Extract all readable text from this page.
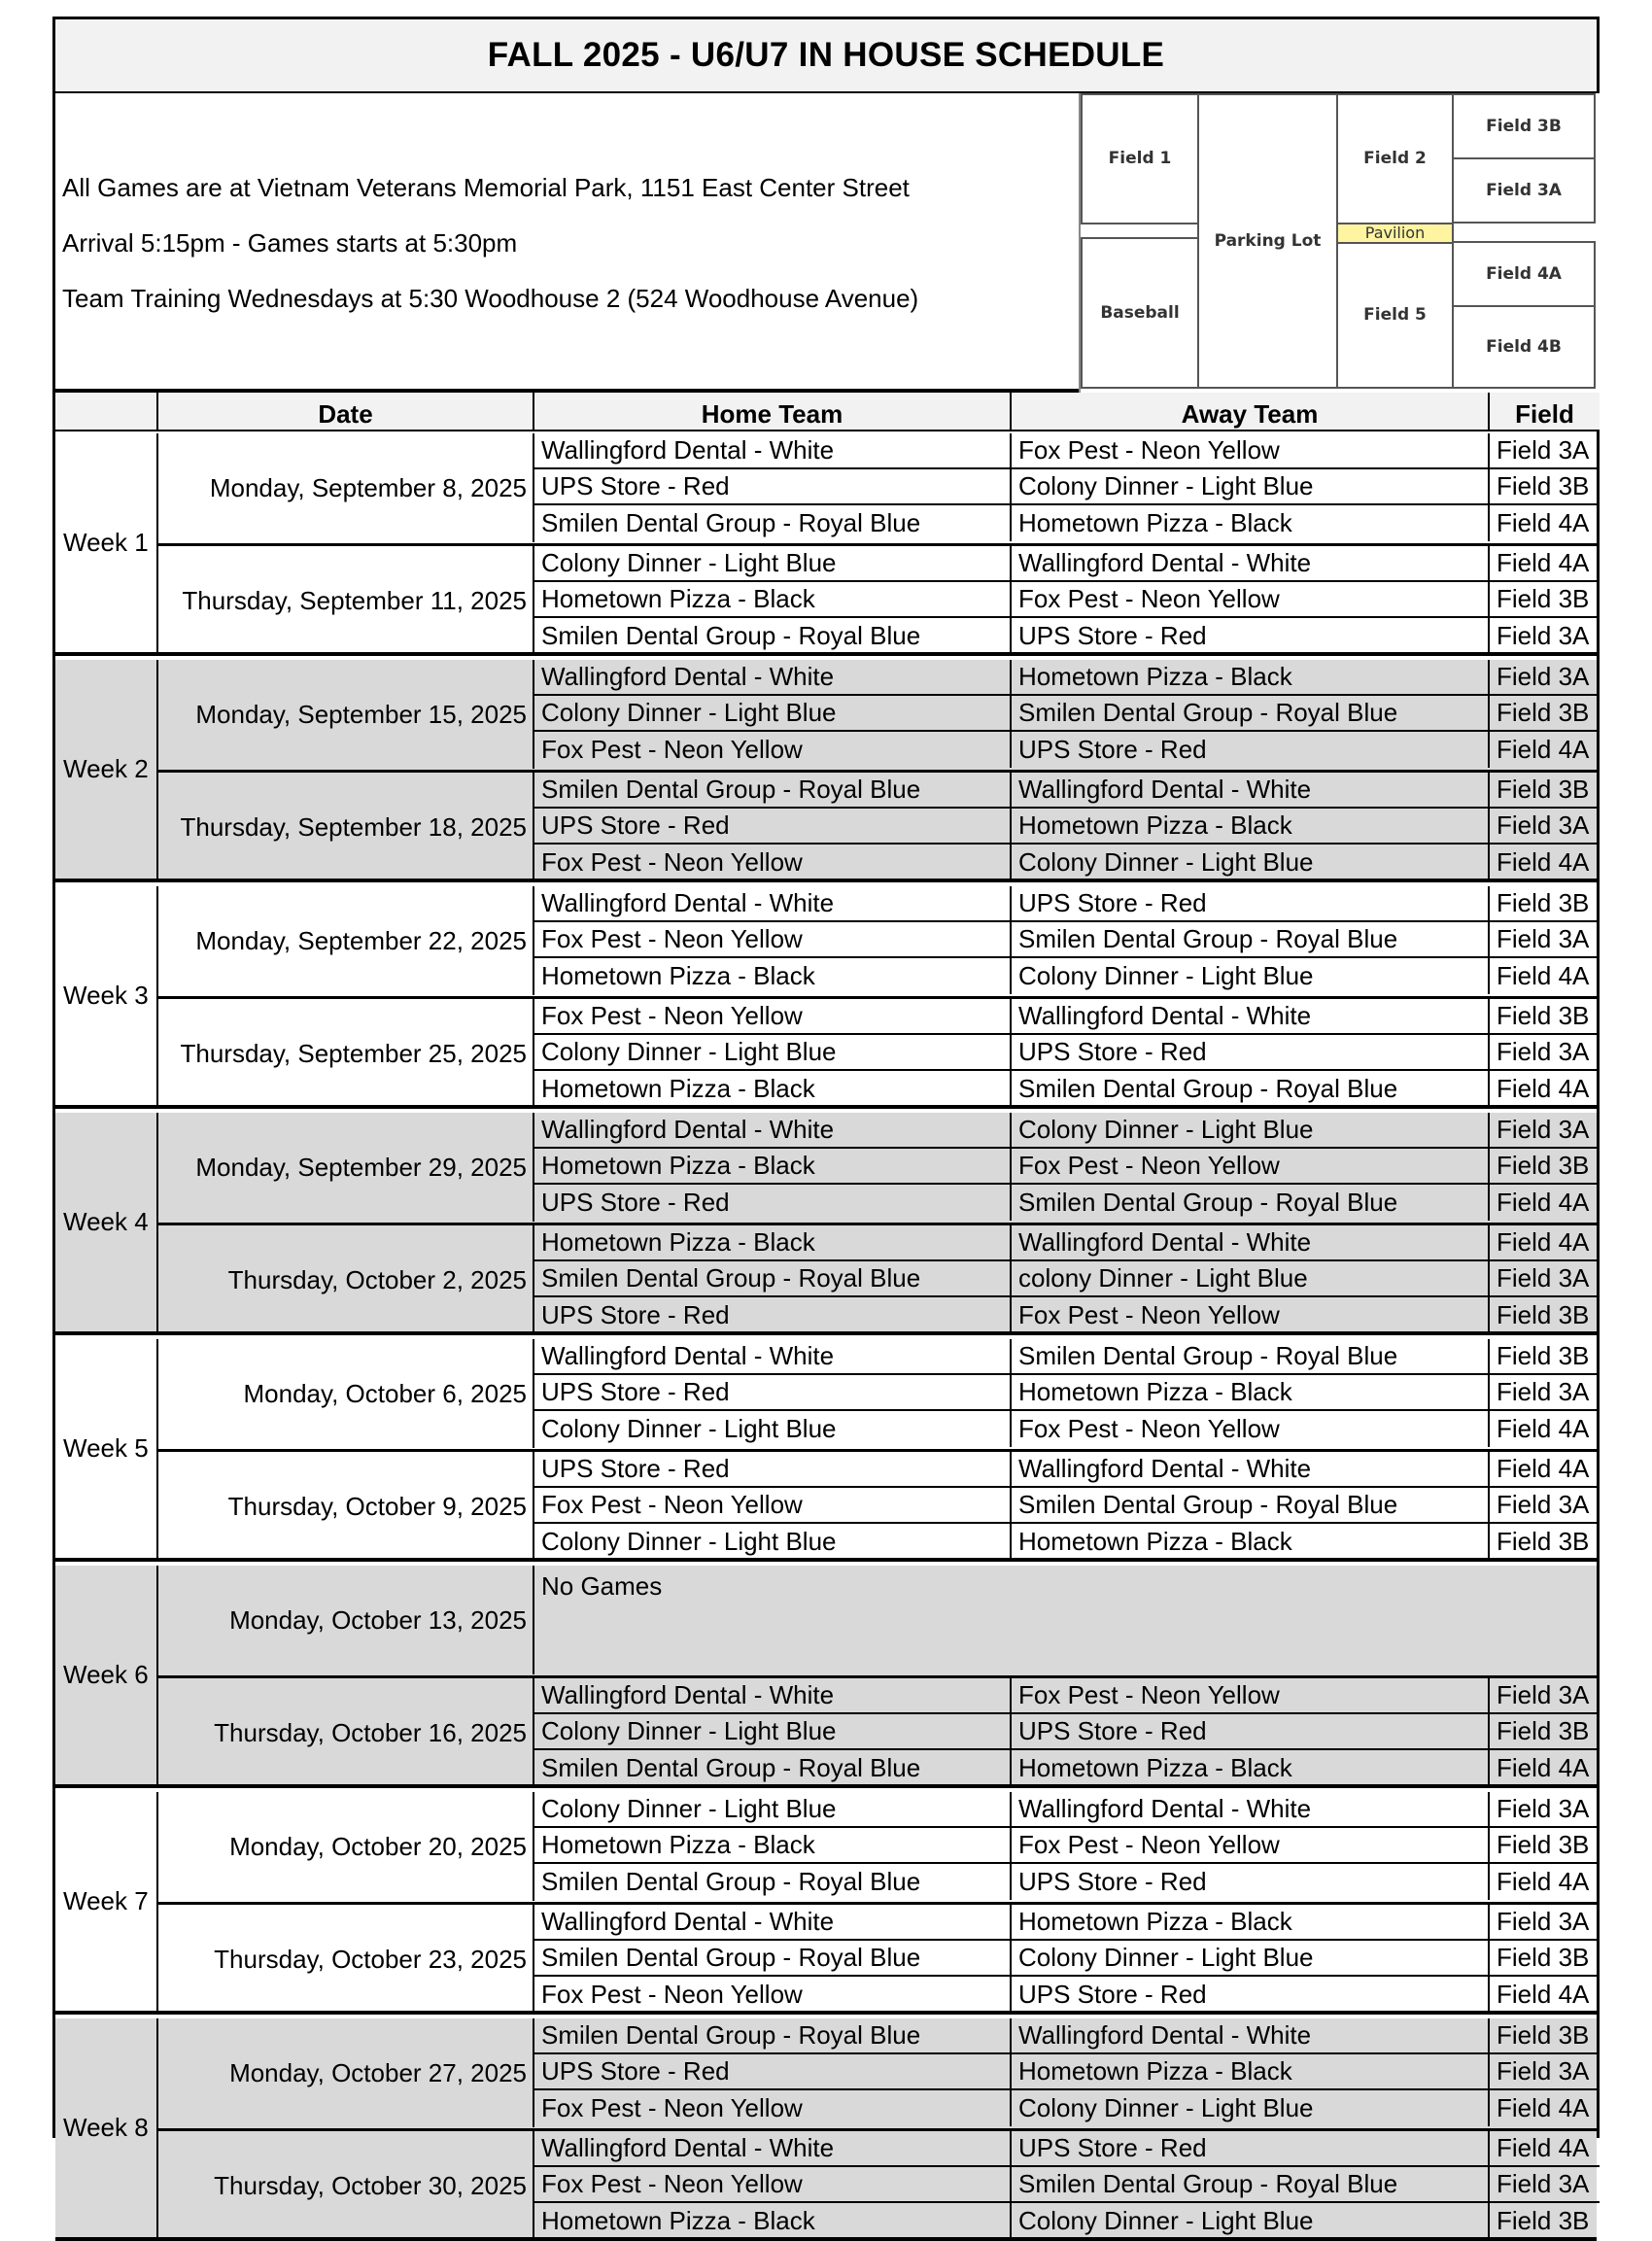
FALL 2025 - U6/U7 IN HOUSE SCHEDULE
All Games are at Vietnam Veterans Memorial Park, 1151 East Center Street
Arrival 5:15pm - Games starts at 5:30pm
Team Training Wednesdays at 5:30 Woodhouse 2 (524 Woodhouse Avenue)
Field 1
Baseball
Parking Lot
Field 2
Pavilion
Field 5
Field 3B
Field 3A
Field 4A
Field 4B
Date	Home Team	Away Team	Field
Week 1
Monday, September 8, 2025
Wallingford Dental - White	Fox Pest - Neon Yellow	Field 3A
UPS Store - Red	Colony Dinner - Light Blue	Field 3B
Smilen Dental Group - Royal Blue	Hometown Pizza - Black	Field 4A
Thursday, September 11, 2025
Colony Dinner - Light Blue	Wallingford Dental - White	Field 4A
Hometown Pizza - Black	Fox Pest - Neon Yellow	Field 3B
Smilen Dental Group - Royal Blue	UPS Store - Red	Field 3A
Week 2
Monday, September 15, 2025
Wallingford Dental - White	Hometown Pizza - Black	Field 3A
Colony Dinner - Light Blue	Smilen Dental Group - Royal Blue	Field 3B
Fox Pest - Neon Yellow	UPS Store - Red	Field 4A
Thursday, September 18, 2025
Smilen Dental Group - Royal Blue	Wallingford Dental - White	Field 3B
UPS Store - Red	Hometown Pizza - Black	Field 3A
Fox Pest - Neon Yellow	Colony Dinner - Light Blue	Field 4A
Week 3
Monday, September 22, 2025
Wallingford Dental - White	UPS Store - Red	Field 3B
Fox Pest - Neon Yellow	Smilen Dental Group - Royal Blue	Field 3A
Hometown Pizza - Black	Colony Dinner - Light Blue	Field 4A
Thursday, September 25, 2025
Fox Pest - Neon Yellow	Wallingford Dental - White	Field 3B
Colony Dinner - Light Blue	UPS Store - Red	Field 3A
Hometown Pizza - Black	Smilen Dental Group - Royal Blue	Field 4A
Week 4
Monday, September 29, 2025
Wallingford Dental - White	Colony Dinner - Light Blue	Field 3A
Hometown Pizza - Black	Fox Pest - Neon Yellow	Field 3B
UPS Store - Red	Smilen Dental Group - Royal Blue	Field 4A
Thursday, October 2, 2025
Hometown Pizza - Black	Wallingford Dental - White	Field 4A
Smilen Dental Group - Royal Blue	colony Dinner - Light Blue	Field 3A
UPS Store - Red	Fox Pest - Neon Yellow	Field 3B
Week 5
Monday, October 6, 2025
Wallingford Dental - White	Smilen Dental Group - Royal Blue	Field 3B
UPS Store - Red	Hometown Pizza - Black	Field 3A
Colony Dinner - Light Blue	Fox Pest - Neon Yellow	Field 4A
Thursday, October 9, 2025
UPS Store - Red	Wallingford Dental - White	Field 4A
Fox Pest - Neon Yellow	Smilen Dental Group - Royal Blue	Field 3A
Colony Dinner - Light Blue	Hometown Pizza - Black	Field 3B
Week 6
Monday, October 13, 2025
No Games
Thursday, October 16, 2025
Wallingford Dental - White	Fox Pest - Neon Yellow	Field 3A
Colony Dinner - Light Blue	UPS Store - Red	Field 3B
Smilen Dental Group - Royal Blue	Hometown Pizza - Black	Field 4A
Week 7
Monday, October 20, 2025
Colony Dinner - Light Blue	Wallingford Dental - White	Field 3A
Hometown Pizza - Black	Fox Pest - Neon Yellow	Field 3B
Smilen Dental Group - Royal Blue	UPS Store - Red	Field 4A
Thursday, October 23, 2025
Wallingford Dental - White	Hometown Pizza - Black	Field 3A
Smilen Dental Group - Royal Blue	Colony Dinner - Light Blue	Field 3B
Fox Pest - Neon Yellow	UPS Store - Red	Field 4A
Week 8
Monday, October 27, 2025
Smilen Dental Group - Royal Blue	Wallingford Dental - White	Field 3B
UPS Store - Red	Hometown Pizza - Black	Field 3A
Fox Pest - Neon Yellow	Colony Dinner - Light Blue	Field 4A
Thursday, October 30, 2025
Wallingford Dental - White	UPS Store - Red	Field 4A
Fox Pest - Neon Yellow	Smilen Dental Group - Royal Blue	Field 3A
Hometown Pizza - Black	Colony Dinner - Light Blue	Field 3B
